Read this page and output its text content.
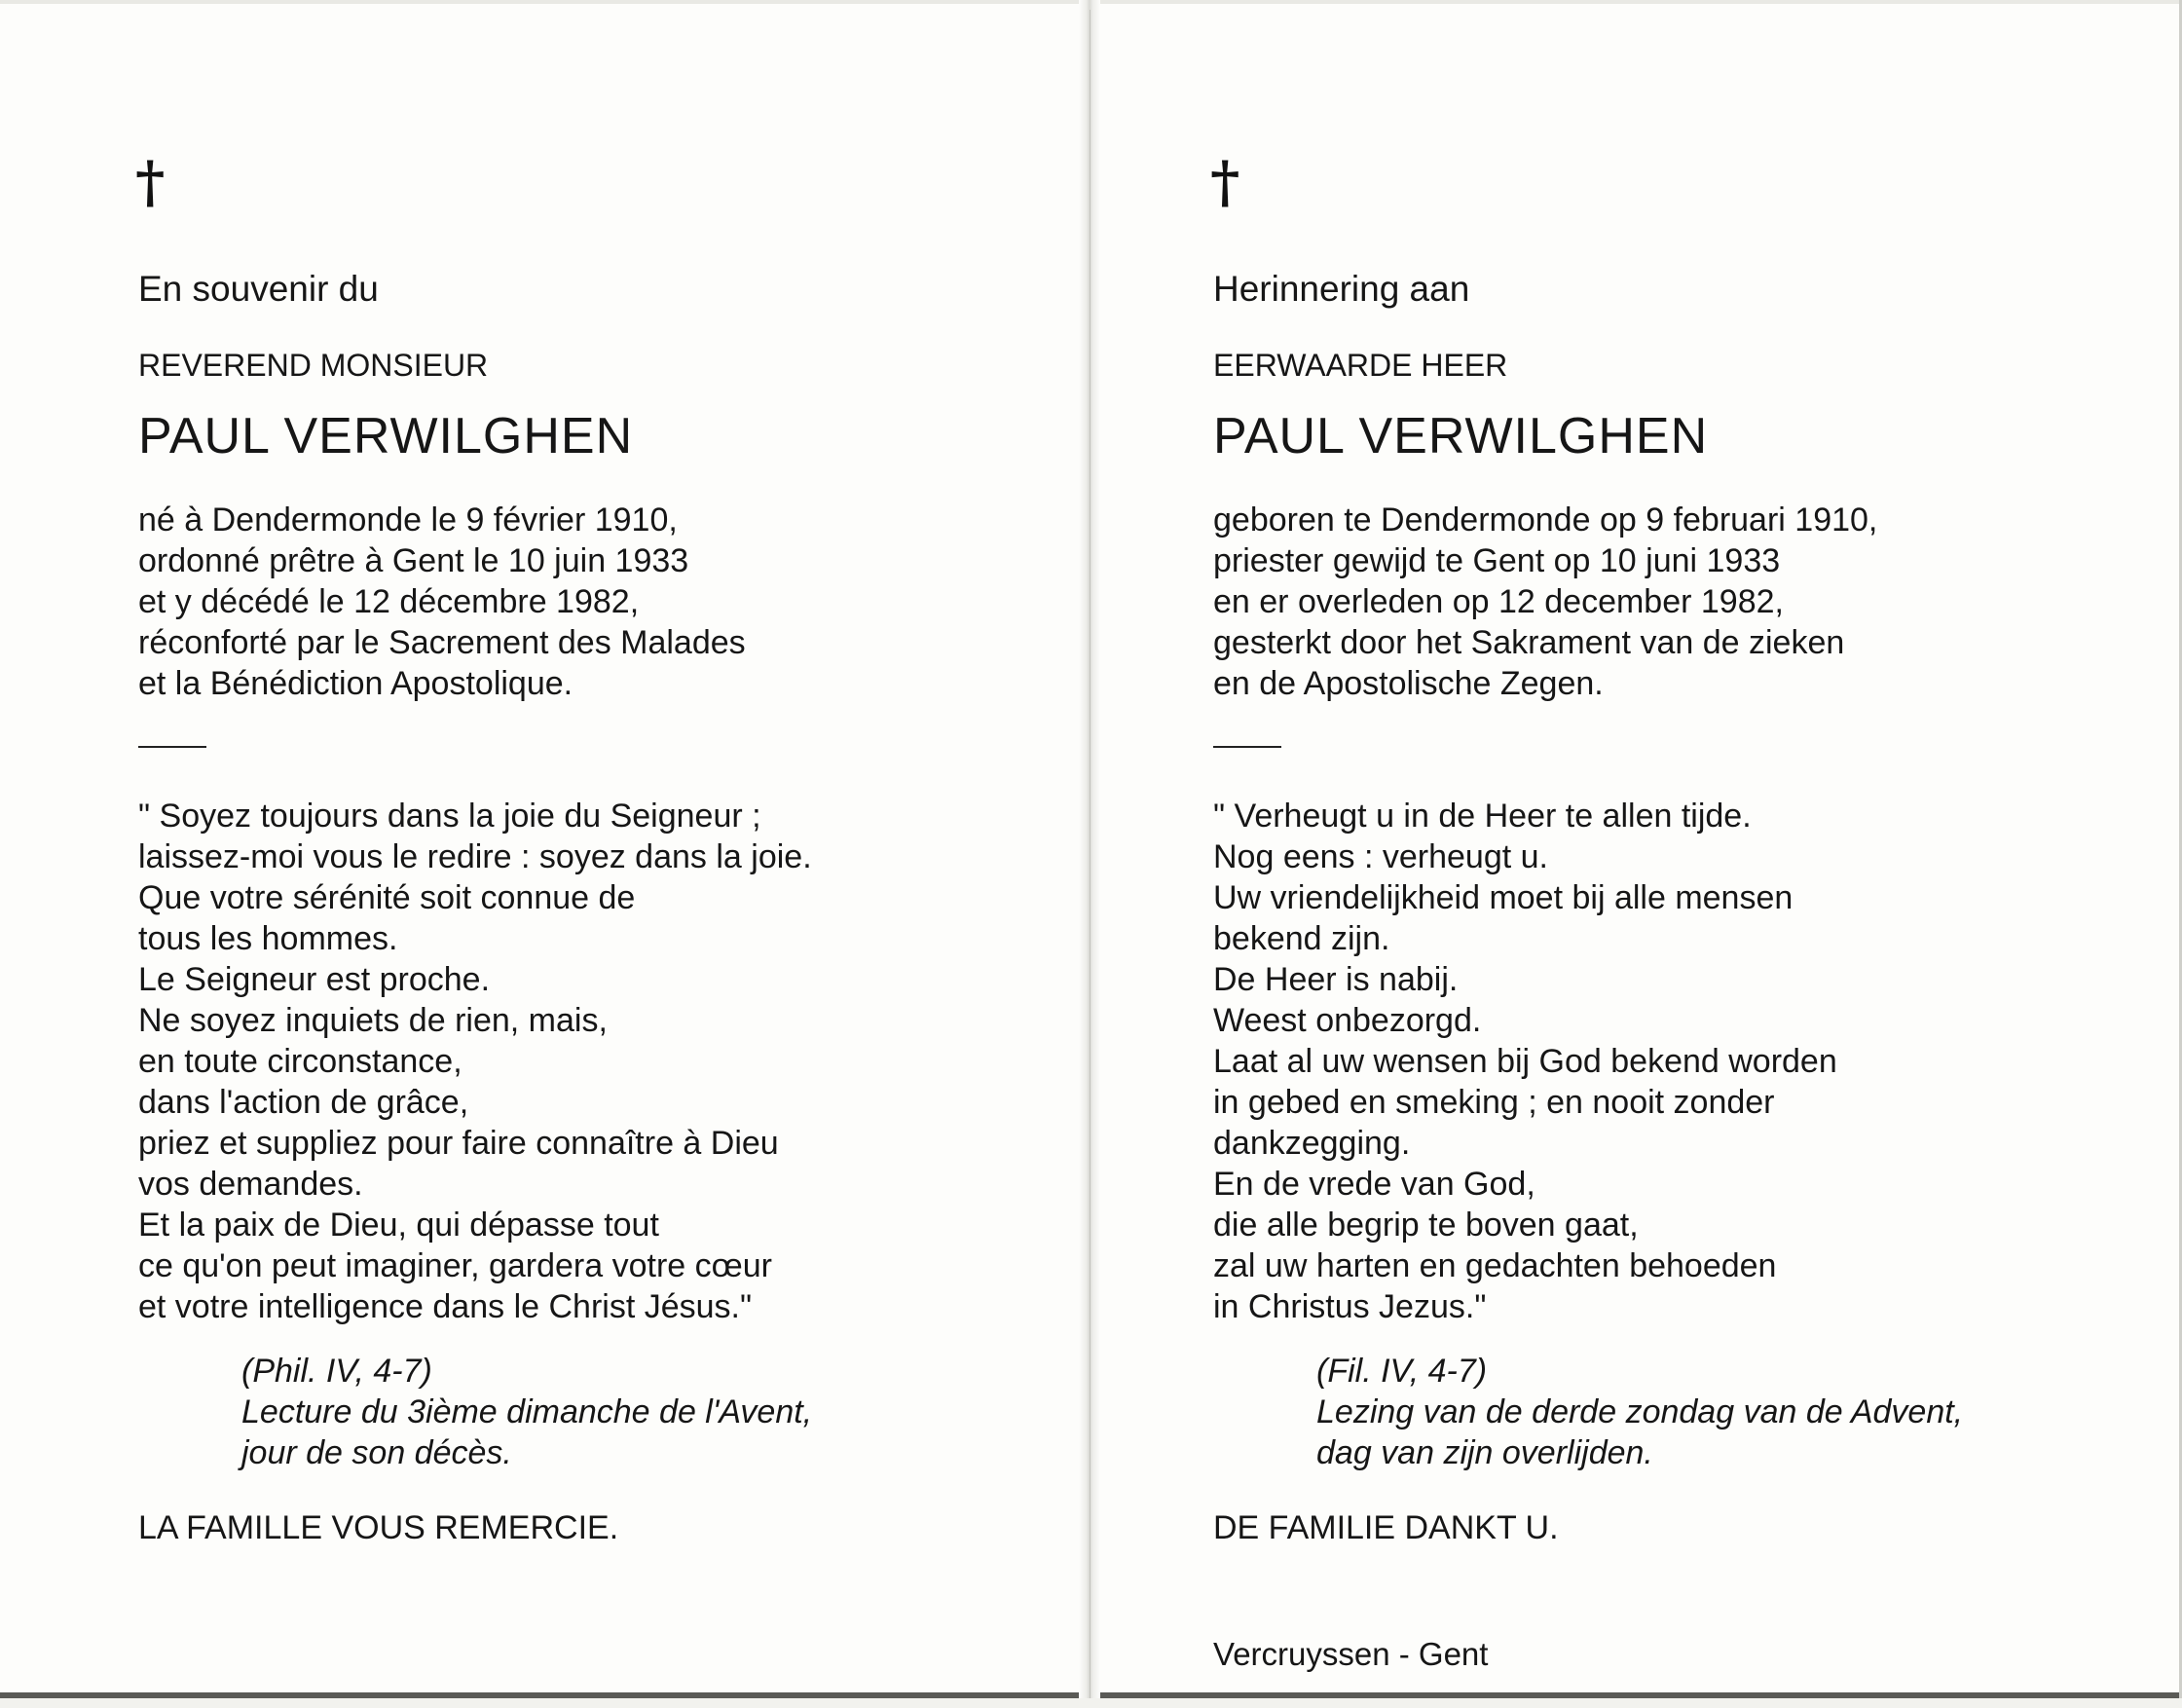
†
En souvenir du
REVEREND MONSIEUR
PAUL VERWILGHEN
né à Dendermonde le 9 février 1910,
ordonné prêtre à Gent le 10 juin 1933
et y décédé le 12 décembre 1982,
réconforté par le Sacrement des Malades
et la Bénédiction Apostolique.
" Soyez toujours dans la joie du Seigneur ;
laissez-moi vous le redire : soyez dans la joie.
Que votre sérénité soit connue de
tous les hommes.
Le Seigneur est proche.
Ne soyez inquiets de rien, mais,
en toute circonstance,
dans l'action de grâce,
priez et suppliez pour faire connaître à Dieu
vos demandes.
Et la paix de Dieu, qui dépasse tout
ce qu'on peut imaginer, gardera votre cœur
et votre intelligence dans le Christ Jésus."
(Phil. IV, 4-7)
Lecture du 3ième dimanche de l'Avent,
jour de son décès.
LA FAMILLE VOUS REMERCIE.
†
Herinnering aan
EERWAARDE HEER
PAUL VERWILGHEN
geboren te Dendermonde op 9 februari 1910,
priester gewijd te Gent op 10 juni 1933
en er overleden op 12 december 1982,
gesterkt door het Sakrament van de zieken
en de Apostolische Zegen.
" Verheugt u in de Heer te allen tijde.
Nog eens : verheugt u.
Uw vriendelijkheid moet bij alle mensen
bekend zijn.
De Heer is nabij.
Weest onbezorgd.
Laat al uw wensen bij God bekend worden
in gebed en smeking ; en nooit zonder
dankzegging.
En de vrede van God,
die alle begrip te boven gaat,
zal uw harten en gedachten behoeden
in Christus Jezus."
(Fil. IV, 4-7)
Lezing van de derde zondag van de Advent,
dag van zijn overlijden.
DE FAMILIE DANKT U.
Vercruyssen - Gent
